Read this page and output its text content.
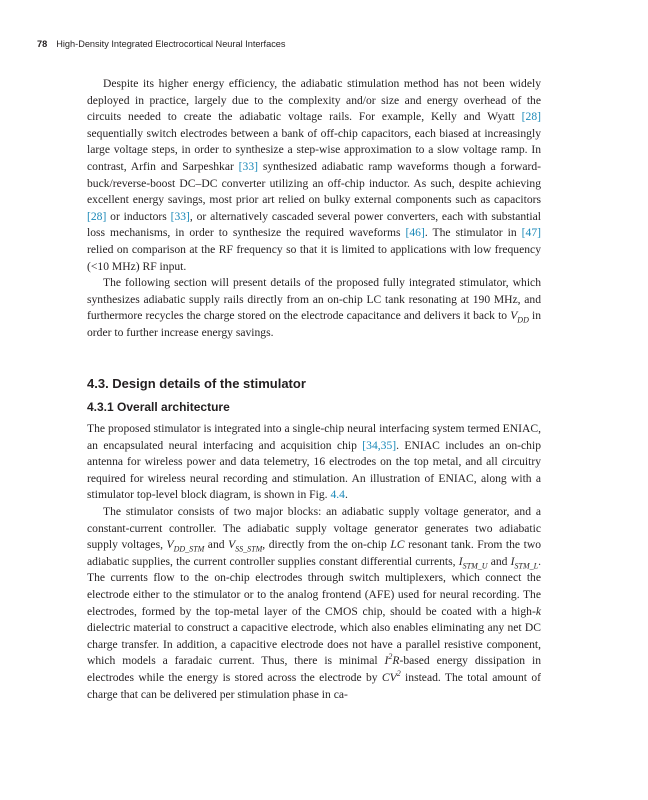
78 High-Density Integrated Electrocortical Neural Interfaces

Despite its higher energy efficiency, the adiabatic stimulation method has not been widely deployed in practice, largely due to the complexity and/or size and energy overhead of the circuits needed to create the adiabatic voltage rails. For example, Kelly and Wyatt [28] sequentially switch electrodes between a bank of off-chip capacitors, each biased at increasingly large voltage steps, in order to synthesize a step-wise approximation to a slow voltage ramp. In contrast, Arfin and Sarpeshkar [33] synthesized adiabatic ramp waveforms though a forward-buck/reverse-boost DC–DC converter utilizing an off-chip inductor. As such, despite achieving excellent energy savings, most prior art relied on bulky external components such as capacitors [28] or inductors [33], or alternatively cascaded several power converters, each with substantial loss mechanisms, in order to synthesize the required waveforms [46]. The stimulator in [47] relied on comparison at the RF frequency so that it is limited to applications with low frequency (<10 MHz) RF input.

The following section will present details of the proposed fully integrated stimulator, which synthesizes adiabatic supply rails directly from an on-chip LC tank resonating at 190 MHz, and furthermore recycles the charge stored on the electrode capacitance and delivers it back to $V_{DD}$ in order to further increase energy savings.

4.3. Design details of the stimulator
4.3.1 Overall architecture

The proposed stimulator is integrated into a single-chip neural interfacing system termed ENIAC, an encapsulated neural interfacing and acquisition chip [34,35]. ENIAC includes an on-chip antenna for wireless power and data telemetry, 16 electrodes on the top metal, and all circuitry required for wireless neural recording and stimulation. An illustration of ENIAC, along with a stimulator top-level block diagram, is shown in Fig. 4.4.

The stimulator consists of two major blocks: an adiabatic supply voltage generator, and a constant-current controller. The adiabatic supply voltage generator generates two adiabatic supply voltages, $V_{DD\_STM}$ and $V_{SS\_STM}$, directly from the on-chip LC resonant tank. From the two adiabatic supplies, the current controller supplies constant differential currents, $I_{STM\_U}$ and $I_{STM\_L}$. The currents flow to the on-chip electrodes through switch multiplexers, which connect the electrode either to the stimulator or to the analog frontend (AFE) used for neural recording. The electrodes, formed by the top-metal layer of the CMOS chip, should be coated with a high-k dielectric material to construct a capacitive electrode, which also enables eliminating any net DC charge transfer. In addition, a capacitive electrode does not have a parallel resistive component, which models a faradaic current. Thus, there is minimal $I^2R$-based energy dissipation in electrodes while the energy is stored across the electrode by $CV^2$ instead. The total amount of charge that can be delivered per stimulation phase in ca-
